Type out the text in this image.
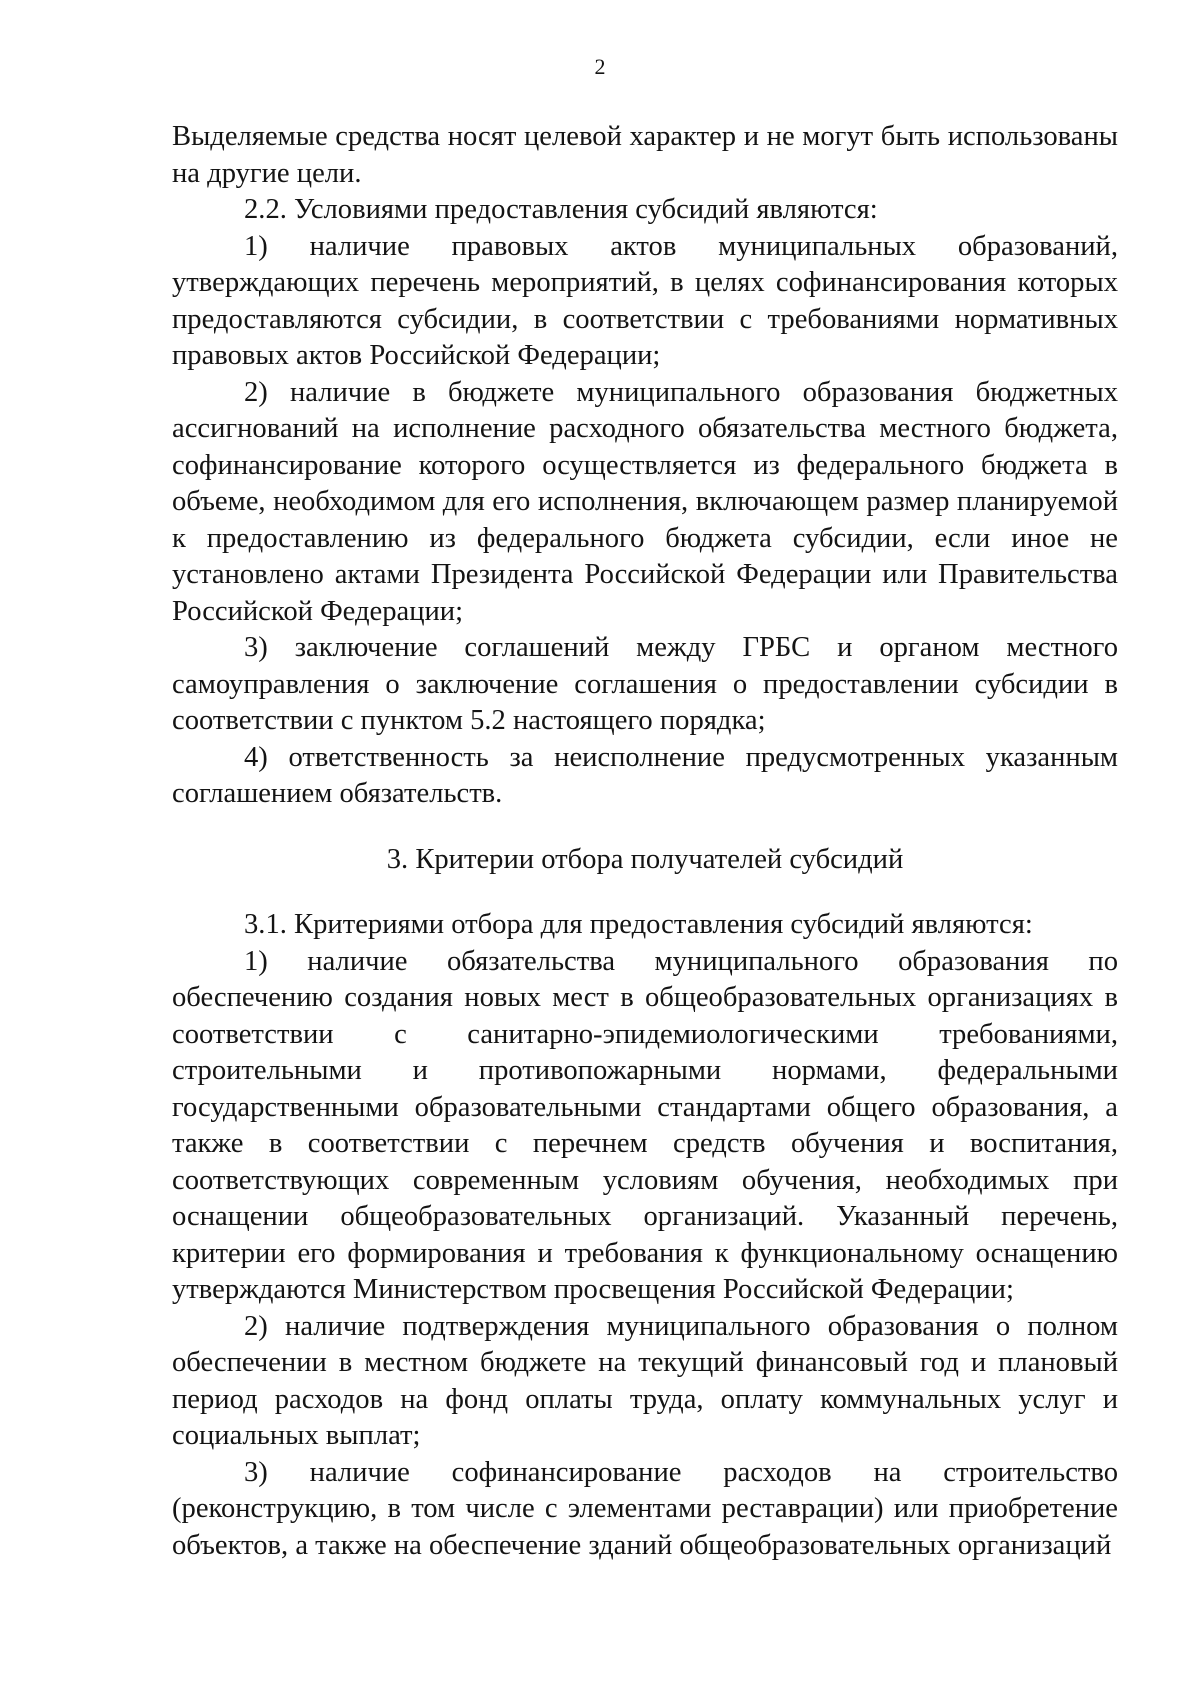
2

Выделяемые средства носят целевой характер и не могут быть использованы на другие цели.

2.2. Условиями предоставления субсидий являются:

1) наличие правовых актов муниципальных образований, утверждающих перечень мероприятий, в целях софинансирования которых предоставляются субсидии, в соответствии с требованиями нормативных правовых актов Российской Федерации;

2) наличие в бюджете муниципального образования бюджетных ассигнований на исполнение расходного обязательства местного бюджета, софинансирование которого осуществляется из федерального бюджета в объеме, необходимом для его исполнения, включающем размер планируемой к предоставлению из федерального бюджета субсидии, если иное не установлено актами Президента Российской Федерации или Правительства Российской Федерации;

3) заключение соглашений между ГРБС и органом местного самоуправления о заключение соглашения о предоставлении субсидии в соответствии с пунктом 5.2 настоящего порядка;

4) ответственность за неисполнение предусмотренных указанным соглашением обязательств.

3. Критерии отбора получателей субсидий

3.1. Критериями отбора для предоставления субсидий являются:

1) наличие обязательства муниципального образования по обеспечению создания новых мест в общеобразовательных организациях в соответствии с санитарно-эпидемиологическими требованиями, строительными и противопожарными нормами, федеральными государственными образовательными стандартами общего образования, а также в соответствии с перечнем средств обучения и воспитания, соответствующих современным условиям обучения, необходимых при оснащении общеобразовательных организаций. Указанный перечень, критерии его формирования и требования к функциональному оснащению утверждаются Министерством просвещения Российской Федерации;

2) наличие подтверждения муниципального образования о полном обеспечении в местном бюджете на текущий финансовый год и плановый период расходов на фонд оплаты труда, оплату коммунальных услуг и социальных выплат;

3) наличие софинансирование расходов на строительство (реконструкцию, в том числе с элементами реставрации) или приобретение объектов, а также на обеспечение зданий общеобразовательных организаций
